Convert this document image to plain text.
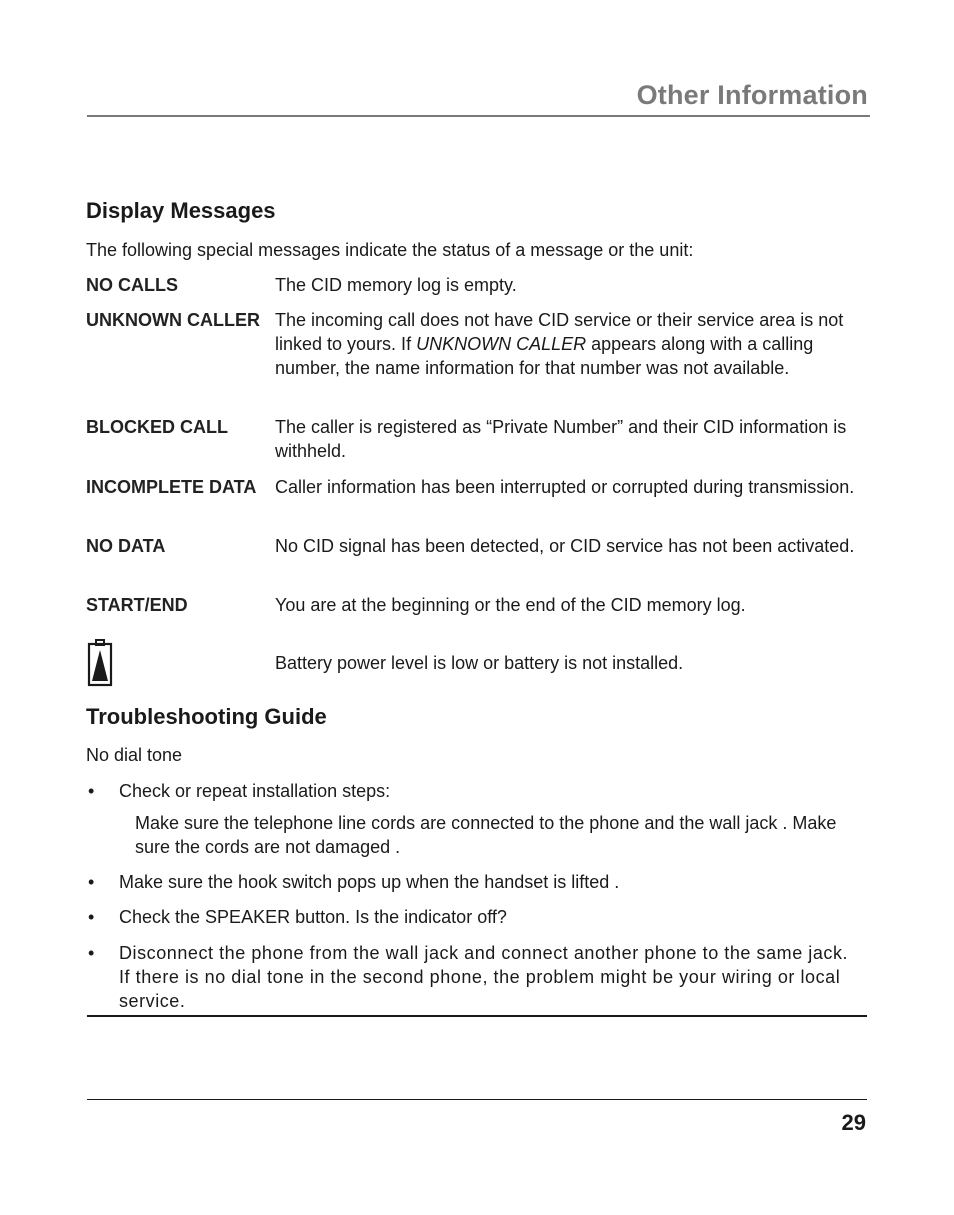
Other Information
Display Messages
The following special messages indicate the status of a message or the unit:
NO CALLS	The CID memory log is empty.
UNKNOWN CALLER The incoming call does not have CID service or their service area is not linked to yours. If UNKNOWN CALLER appears along with a calling number, the name information for that number was not available.
BLOCKED CALL	The caller is registered as “Private Number” and their CID information is withheld.
INCOMPLETE DATA Caller information has been interrupted or corrupted during transmission.
NO DATA	No CID signal has been detected, or CID service has not been activated.
START/END	You are at the beginning or the end of the CID memory log.
Battery power level is low or battery is not installed.
Troubleshooting Guide
No dial tone
• Check or repeat installation steps:
Make sure the telephone line cords are connected to the phone and the wall jack . Make sure the cords are not damaged .
• Make sure the hook switch pops up when the handset is lifted .
• Check the SPEAKER button. Is the indicator off?
• Disconnect the phone from the wall jack and connect another phone to the same jack. If there is no dial tone in the second phone, the problem might be your wiring or local service.
29
